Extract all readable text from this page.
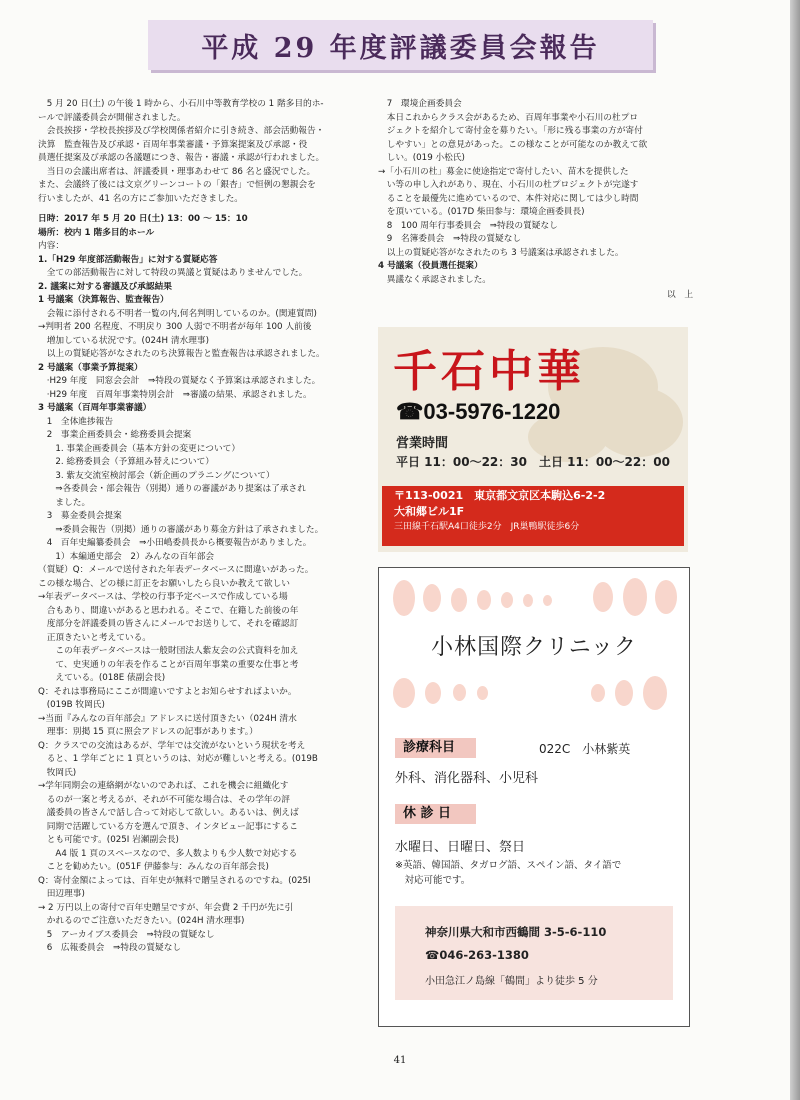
平成 29 年度評議委員会報告
　5 月 20 日(土) の午後 1 時から、小石川中等教育学校の 1 階多目的ホ-
ールで評議委員会が開催されました。
　会長挨拶・学校長挨拶及び学校関係者紹介に引き続き、部会活動報告・
決算　監査報告及び承認・百周年事業審議・予算案提案及び承認・役
員選任提案及び承認の各議題につき、報告・審議・承認が行われました。
　当日の会議出席者は、評議委員・理事あわせて 86 名と盛況でした。
また、会議終了後には文京グリーンコートの「銀杏」で恒例の懇親会を
行いましたが、41 名の方にご参加いただきました。
日時：2017 年 5 月 20 日(土) 13：00 ～ 15：10
場所：校内 1 階多目的ホール
内容：
1.「H29 年度部活動報告」に対する質疑応答
　全ての部活動報告に対して特段の異議と質疑はありませんでした。
2. 議案に対する審議及び承認結果
1 号議案（決算報告、監査報告）
　会報に添付される不明者一覧の内,何名判明しているのか。(関連質問)
→判明者 200 名程度、不明戻り 300 人弱で不明者が毎年 100 人前後
　増加している状況です。(024H 清水理事)
　以上の質疑応答がなされたのち決算報告と監査報告は承認されました。
2 号議案（事業予算提案）
　·H29 年度　同窓会会計　⇒特段の質疑なく予算案は承認されました。
　·H29 年度　百周年事業特別会計　⇒審議の結果、承認されました。
3 号議案（百周年事業審議）
　1　全体進捗報告
　2　事業企画委員会・総務委員会提案
　　1. 事業企画委員会（基本方針の変更について）
　　2. 総務委員会（予算組み替えについて）
　　3. 紫友交流室検討部会（新企画のプラニングについて）
　　⇒各委員会・部会報告（別掲）通りの審議があり提案は了承され
　　ました。
　3　募金委員会提案
　　⇒委員会報告（別掲）通りの審議があり募金方針は了承されました。
　4　百年史編纂委員会　⇒小田嶋委員長から概要報告がありました。
　　1）本編通史部会　2）みんなの百年部会
（質疑）Q：メールで送付された年表データベースに間違いがあった。
この様な場合、どの様に訂正をお願いしたら良いか教えて欲しい
→年表データベースは、学校の行事予定ベースで作成している場
　合もあり、間違いがあると思われる。そこで、在籍した前後の年
　度部分を評議委員の皆さんにメールでお送りして、それを確認訂
　正頂きたいと考えている。
　　この年表データベースは一般財団法人紫友会の公式資料を加え
　　て、史実通りの年表を作ることが百周年事業の重要な仕事と考
　　えている。(018E 俵副会長)
Q：それは事務局にここが間違いですよとお知らせすればよいか。
　(019B 牧岡氏)
→当面『みんなの百年部会』アドレスに送付頂きたい（024H 清水
　理事：別掲 15 頁に照会アドレスの記事があります。）
Q：クラスでの交流はあるが、学年では交流がないという現状を考え
　ると、1 学年ごとに 1 頁というのは、対応が難しいと考える。(019B
　牧岡氏)
→学年同期会の連絡網がないのであれば、これを機会に組織化す
　るのが一案と考えるが、それが不可能な場合は、その学年の評
　議委員の皆さんで話し合って対応して欲しい。あるいは、例えば
　同期で活躍している方を選んで頂き、インタビュー記事にするこ
　とも可能です。(025I 岩瀬副会長)
　　A4 版 1 頁のスペースなので、多人数よりも少人数で対応する
　ことを勧めたい。(051F 伊藤参与：みんなの百年部会長)
Q：寄付金額によっては、百年史が無料で贈呈されるのですね。(025I
　田辺理事)
→ 2 万円以上の寄付で百年史贈呈ですが、年会費 2 千円が先に引
　かれるのでご注意いただきたい。(024H 清水理事)
　5　アーカイブス委員会　⇒特段の質疑なし
　6　広報委員会　⇒特段の質疑なし
　7　環境企画委員会
　本日これからクラス会があるため、百周年事業や小石川の杜プロ
　ジェクトを紹介して寄付金を募りたい。「形に残る事業の方が寄付
　しやすい」との意見があった。この様なことが可能なのか教えて欲
　しい。(019 小松氏)
→「小石川の杜」募金に使途指定で寄付したい、苗木を提供した
　い等の申し入れがあり、現在、小石川の杜プロジェクトが完遂す
　ることを最優先に進めているので、本件対応に関しては少し時間
　を頂いている。(017D 柴田参与：環境企画委員長)
　8　100 周年行事委員会　⇒特段の質疑なし
　9　名簿委員会　⇒特段の質疑なし
　以上の質疑応答がなされたのち 3 号議案は承認されました。
4 号議案（役員選任提案）
　異議なく承認されました。
以　上
千石中華
☎03-5976-1220
営業時間
平日 11：00～22：30　土日 11：00～22：00
〒113-0021　東京都文京区本駒込6-2-2
大和郷ビル1F
三田線千石駅A4口徒歩2分　JR巣鴨駅徒歩6分
小林国際クリニック
診療科目	022C　小林紫英
外科、消化器科、小児科
休 診 日
水曜日、日曜日、祭日
※英語、韓国語、タガログ語、スペイン語、タイ語で
　対応可能です。
神奈川県大和市西鶴間 3-5-6-110
☎046-263-1380
小田急江ノ島線「鶴間」より徒歩 5 分
41
